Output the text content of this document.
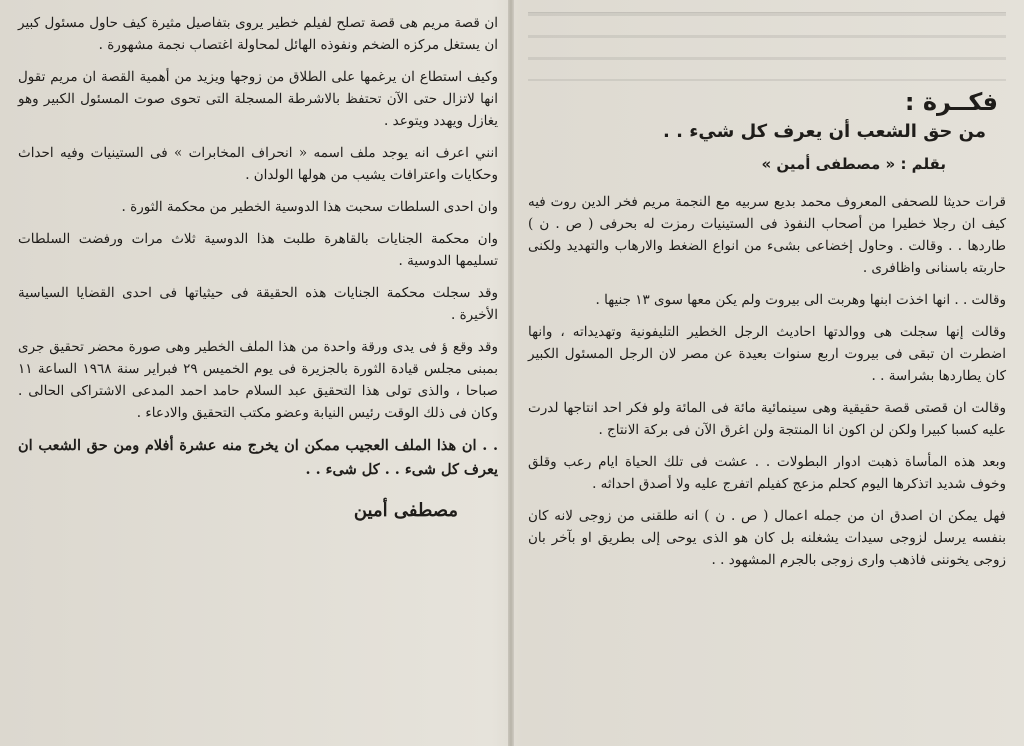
ان قصة مريم هى قصة تصلح لفيلم خطير يروى بتفاصيل مثيرة كيف حاول مسئول كبير ان يستغل مركزه الضخم ونفوذه الهائل لمحاولة اغتصاب نجمة مشهورة .

وكيف استطاع ان يرغمها على الطلاق من زوجها ويزيد من أهمية القصة ان مريم تقول انها لاتزال حتى الآن تحتفظ بالاشرطة المسجلة التى تحوى صوت المسئول الكبير وهو يغازل ويهدد ويتوعد .

انني اعرف انه يوجد ملف اسمه « انحراف المخابرات » فى الستينيات وفيه احداث وحكايات واعترافات يشيب من هولها الولدان .

وان احدى السلطات سحبت هذا الدوسية الخطير من محكمة الثورة .

وان محكمة الجنايات بالقاهرة طلبت هذا الدوسية ثلاث مرات ورفضت السلطات تسليمها الدوسية .

وقد سجلت محكمة الجنايات هذه الحقيقة فى حيثياتها فى احدى القضايا السياسية الأخيرة .

وقد وقع ؤ فى يدى ورقة واحدة من هذا الملف الخطير وهى صورة محضر تحقيق جرى بمبنى مجلس قيادة الثورة بالجزيرة فى يوم الخميس ٢٩ فبراير سنة ١٩٦٨ الساعة ١١ صباحا ، والذى تولى هذا التحقيق عبد السلام حامد احمد المدعى الاشتراكى الحالى . وكان فى ذلك الوقت رئيس النيابة وعضو مكتب التحقيق والادعاء .

. . ان هذا الملف العجيب ممكن ان يخرج منه عشرة أفلام ومن حق الشعب ان يعرف كل شىء . . كل شىء . .

مصطفى أمين
فكــرة :
من حق الشعب أن يعرف كل شيء . .
بقلم : « مصطفى أمين »

قرات حديثا للصحفى المعروف محمد بديع سربيه مع النجمة مريم فخر الدين روت فيه كيف ان رجلا خطيرا من أصحاب النفوذ فى الستينيات رمزت له بحرفى ( ص . ن ) طاردها . . وقالت . وحاول إخضاعى بشىء من انواع الضغط والارهاب والتهديد ولكنى حاربته باسنانى واظافرى .

وقالت . . انها اخذت ابنها وهربت الى بيروت ولم يكن معها سوى ١٣ جنيها .

وقالت إنها سجلت هى ووالدتها احاديث الرجل الخطير التليفونية وتهديداته ، وانها اضطرت ان تبقى فى بيروت اربع سنوات بعيدة عن مصر لان الرجل المسئول الكبير كان يطاردها بشراسة . .

وقالت ان قصتى قصة حقيقية وهى سينمائية مائة فى المائة ولو فكر احد انتاجها لدرت عليه كسبا كبيرا ولكن لن اكون انا المنتجة ولن اغرق الآن فى بركة الانتاج .

وبعد هذه المأساة ذهبت ادوار البطولات . . عشت فى تلك الحياة ايام رعب وقلق وخوف شديد اتذكرها اليوم كحلم مزعج كفيلم اتفرج عليه ولا أصدق احداثه .

فهل يمكن ان اصدق ان من جمله اعمال ( ص . ن ) انه طلقنى من زوجى لانه كان بنفسه يرسل لزوجى سيدات يشغلنه بل كان هو الذى يوحى إلى بطريق او بآخر بان زوجى يخوننى فاذهب وارى زوجى بالجرم المشهود . .
